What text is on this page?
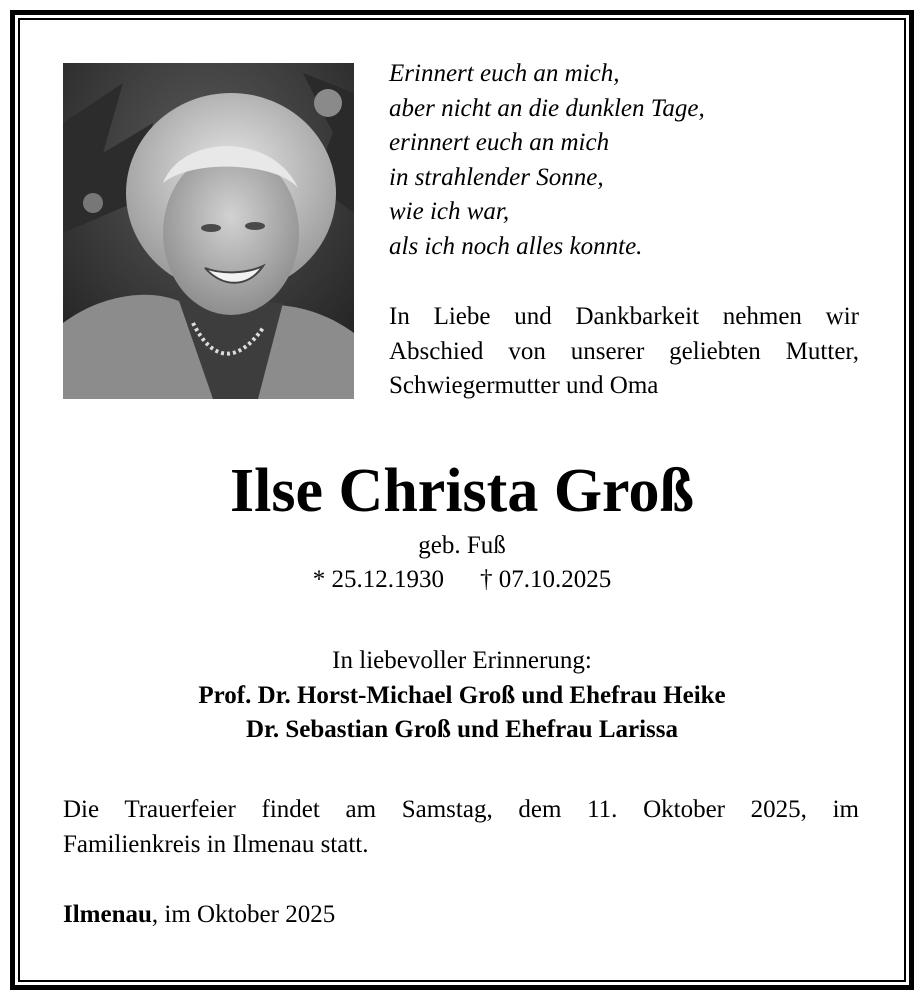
Erinnert euch an mich,
aber nicht an die dunklen Tage,
erinnert euch an mich
in strahlender Sonne,
wie ich war,
als ich noch alles konnte.
In Liebe und Dankbarkeit nehmen wir
Abschied von unserer geliebten Mutter,
Schwiegermutter und Oma
Ilse Christa Groß
geb. Fuß
* 25.12.1930 † 07.10.2025
In liebevoller Erinnerung:
Prof. Dr. Horst-Michael Groß und Ehefrau Heike
Dr. Sebastian Groß und Ehefrau Larissa
Die Trauerfeier findet am Samstag, dem 11. Oktober 2025, im
Familienkreis in Ilmenau statt.
Ilmenau, im Oktober 2025
